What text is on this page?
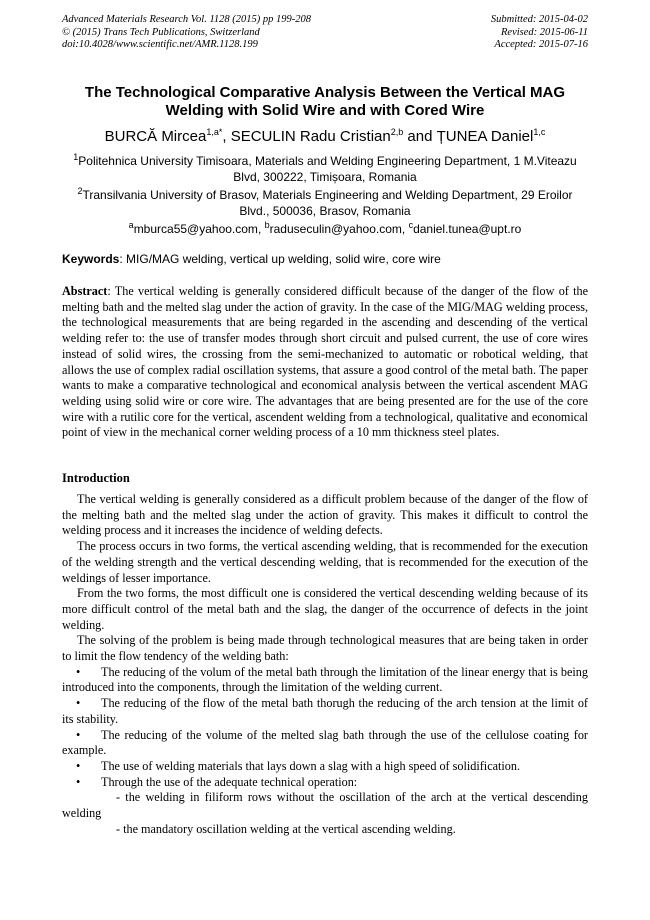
Advanced Materials Research Vol. 1128 (2015) pp 199-208
© (2015) Trans Tech Publications, Switzerland
doi:10.4028/www.scientific.net/AMR.1128.199
Submitted: 2015-04-02
Revised: 2015-06-11
Accepted: 2015-07-16
The Technological Comparative Analysis Between the Vertical MAG Welding with Solid Wire and with Cored Wire
BURCĂ Mircea$^{1,a*}$, SECULIN Radu Cristian$^{2,b}$ and ȚUNEA Daniel$^{1,c}$
$^1$Politehnica University Timisoara, Materials and Welding Engineering Department, 1 M.Viteazu Blvd, 300222, Timișoara, Romania
$^2$Transilvania University of Brasov, Materials Engineering and Welding Department, 29 Eroilor Blvd., 500036, Brasov, Romania
$^a$mburca55@yahoo.com, $^b$raduseculin@yahoo.com, $^c$daniel.tunea@upt.ro
Keywords: MIG/MAG welding, vertical up welding, solid wire, core wire
Abstract: The vertical welding is generally considered difficult because of the danger of the flow of the melting bath and the melted slag under the action of gravity. In the case of the MIG/MAG welding process, the technological measurements that are being regarded in the ascending and descending of the vertical welding refer to: the use of transfer modes through short circuit and pulsed current, the use of core wires instead of solid wires, the crossing from the semi-mechanized to automatic or robotical welding, that allows the use of complex radial oscillation systems, that assure a good control of the metal bath. The paper wants to make a comparative technological and economical analysis between the vertical ascendent MAG welding using solid wire or core wire. The advantages that are being presented are for the use of the core wire with a rutilic core for the vertical, ascendent welding from a technological, qualitative and economical point of view in the mechanical corner welding process of a 10 mm thickness steel plates.
Introduction

The vertical welding is generally considered as a difficult problem because of the danger of the flow of the melting bath and the melted slag under the action of gravity. This makes it difficult to control the welding process and it increases the incidence of welding defects.

The process occurs in two forms, the vertical ascending welding, that is recommended for the execution of the welding strength and the vertical descending welding, that is recommended for the execution of the weldings of lesser importance.

From the two forms, the most difficult one is considered the vertical descending welding because of its more difficult control of the metal bath and the slag, the danger of the occurrence of defects in the joint welding.

The solving of the problem is being made through technological measures that are being taken in order to limit the flow tendency of the welding bath:

• The reducing of the volum of the metal bath through the limitation of the linear energy that is being introduced into the components, through the limitation of the welding current.
• The reducing of the flow of the metal bath thorugh the reducing of the arch tension at the limit of its stability.
• The reducing of the volume of the melted slag bath through the use of the cellulose coating for example.
• The use of welding materials that lays down a slag with a high speed of solidification.
• Through the use of the adequate technical operation:
- the welding in filiform rows without the oscillation of the arch at the vertical descending welding
- the mandatory oscillation welding at the vertical ascending welding.
